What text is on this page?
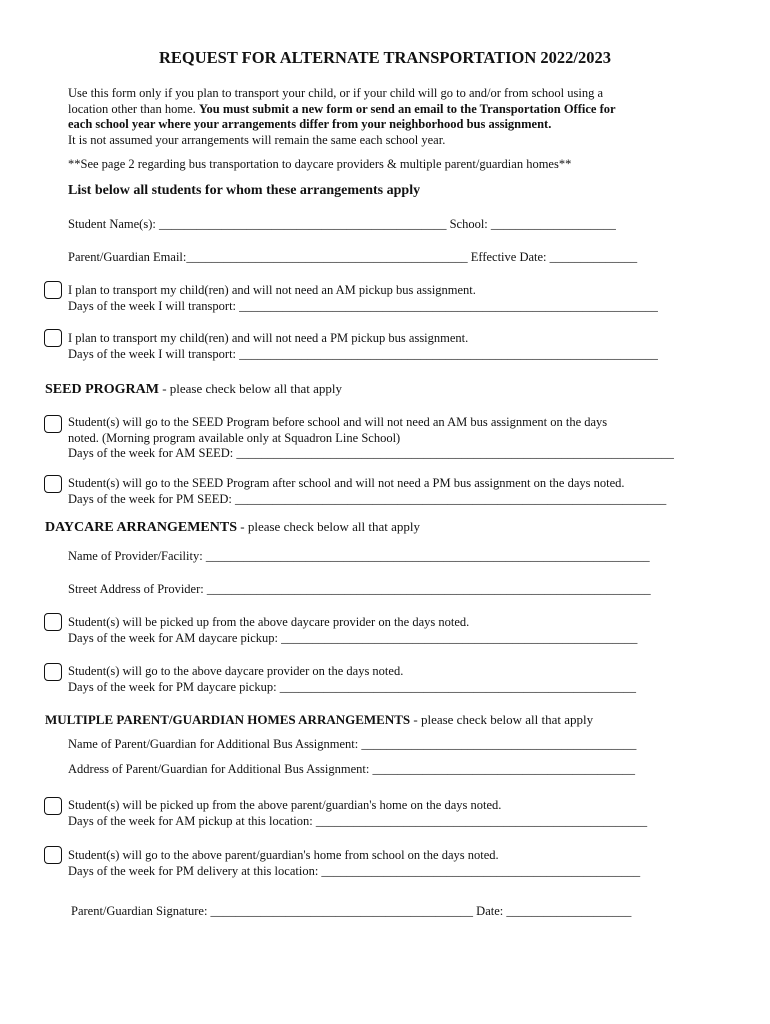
REQUEST FOR ALTERNATE TRANSPORTATION 2022/2023
Use this form only if you plan to transport your child, or if your child will go to and/or from school using a
location other than home. You must submit a new form or send an email to the Transportation Office for
each school year where your arrangements differ from your neighborhood bus assignment.
It is not assumed your arrangements will remain the same each school year.
**See page 2 regarding bus transportation to daycare providers & multiple parent/guardian homes**
List below all students for whom these arrangements apply
Student Name(s): ______________________________________________ School: ____________________
Parent/Guardian Email:_____________________________________________ Effective Date: ______________
I plan to transport my child(ren) and will not need an AM pickup bus assignment.
Days of the week I will transport: ___________________________________________________________________
I plan to transport my child(ren) and will not need a PM pickup bus assignment.
Days of the week I will transport: ___________________________________________________________________
SEED PROGRAM - please check below all that apply
Student(s) will go to the SEED Program before school and will not need an AM bus assignment on the days
noted. (Morning program available only at Squadron Line School)
Days of the week for AM SEED: ______________________________________________________________________
Student(s) will go to the SEED Program after school and will not need a PM bus assignment on the days noted.
Days of the week for PM SEED: _____________________________________________________________________
DAYCARE ARRANGEMENTS - please check below all that apply
Name of Provider/Facility: _______________________________________________________________________
Street Address of Provider: _______________________________________________________________________
Student(s) will be picked up from the above daycare provider on the days noted.
Days of the week for AM daycare pickup: _________________________________________________________
Student(s) will go to the above daycare provider on the days noted.
Days of the week for PM daycare pickup: _________________________________________________________
MULTIPLE PARENT/GUARDIAN HOMES ARRANGEMENTS - please check below all that apply
Name of Parent/Guardian for Additional Bus Assignment: ____________________________________________
Address of Parent/Guardian for Additional Bus Assignment: __________________________________________
Student(s) will be picked up from the above parent/guardian's home on the days noted.
Days of the week for AM pickup at this location: _____________________________________________________
Student(s) will go to the above parent/guardian's home from school on the days noted.
Days of the week for PM delivery at this location: ___________________________________________________
Parent/Guardian Signature: __________________________________________ Date: ____________________
